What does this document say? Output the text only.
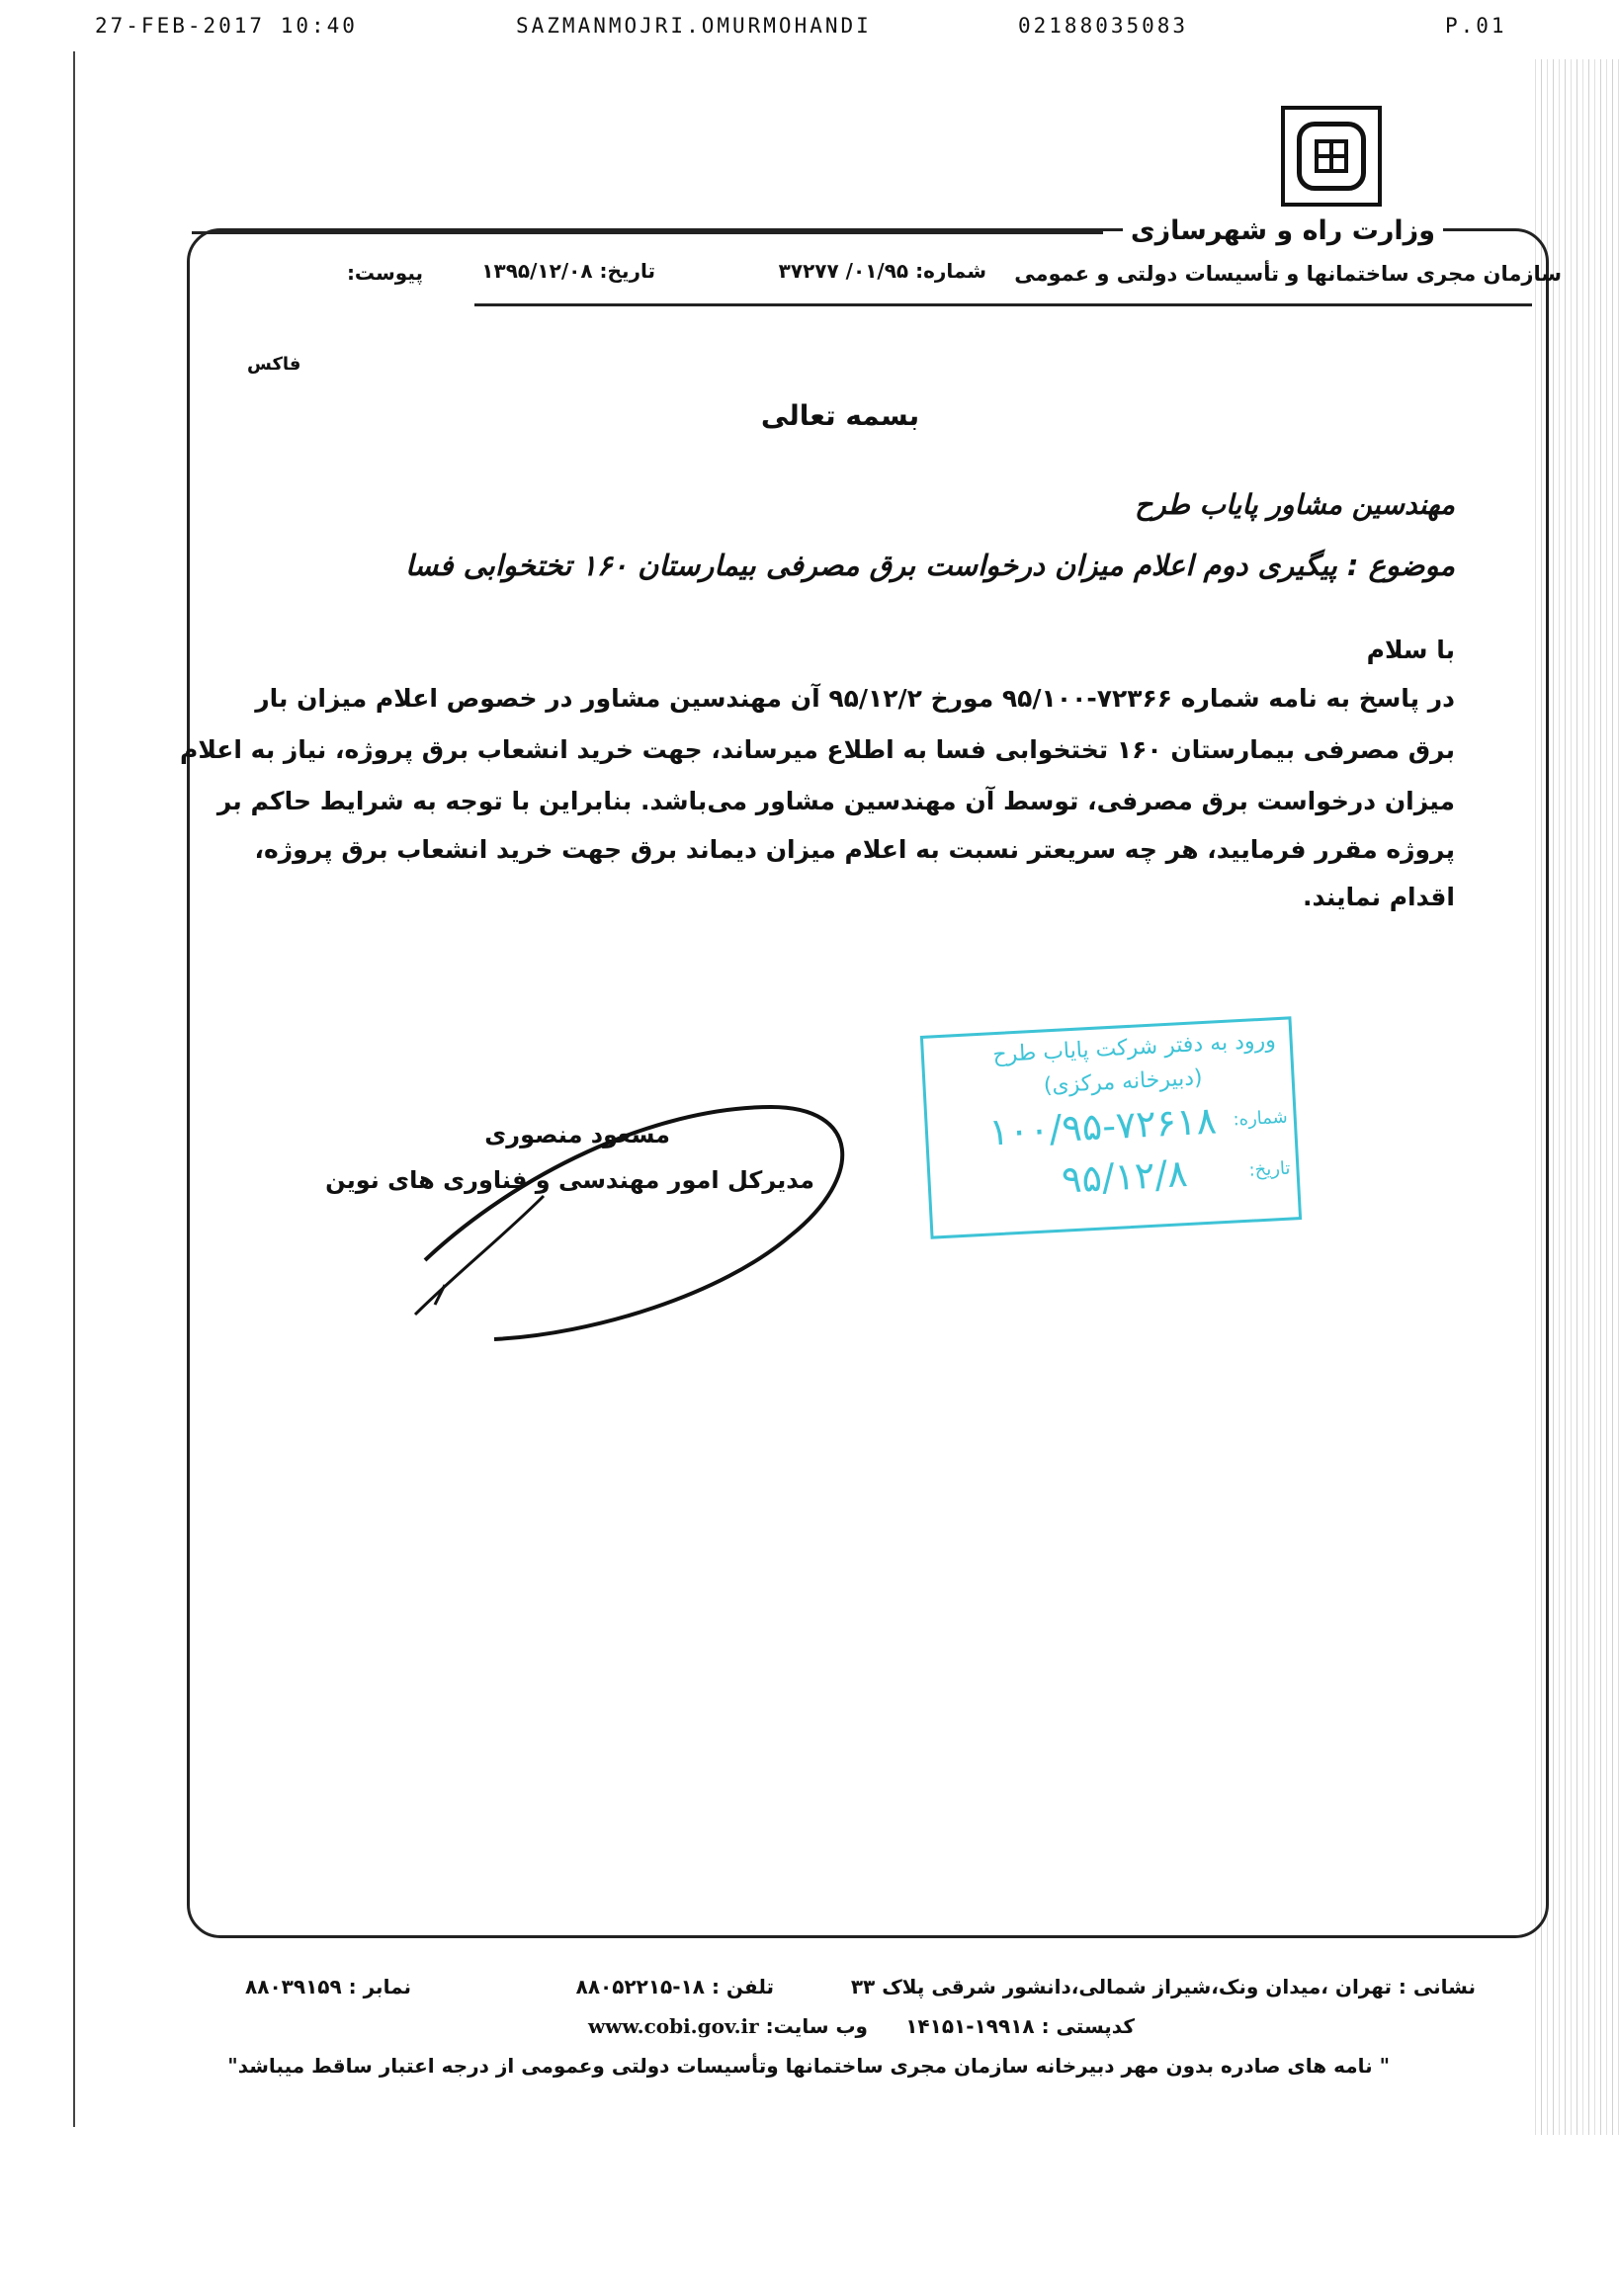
27-FEB-2017 10:40	SAZMANMOJRI.OMURMOHANDI	02188035083	P.01
وزارت راه و شهرسازی
سازمان مجری ساختمانها و تأسیسات دولتی و عمومی
شماره: ۰۱/۹۵/ ۳۷۲۷۷
تاریخ: ۱۳۹۵/۱۲/۰۸
پیوست:
فاکس
بسمه تعالی
مهندسین مشاور پایاب طرح
موضوع : پیگیری دوم اعلام میزان درخواست برق مصرفی بیمارستان ۱۶۰ تختخوابی فسا

با سلام

در پاسخ به نامه شماره ۷۲۳۶۶-۹۵/۱۰۰ مورخ ۹۵/۱۲/۲ آن مهندسین مشاور در خصوص اعلام میزان بار

برق مصرفی بیمارستان ۱۶۰ تختخوابی فسا به اطلاع میرساند، جهت خرید انشعاب برق پروژه، نیاز به اعلام

میزان درخواست برق مصرفی، توسط آن مهندسین مشاور می‌باشد. بنابراین با توجه به شرایط حاکم بر

پروژه مقرر فرمایید، هر چه سریعتر نسبت به اعلام میزان دیماند برق جهت خرید انشعاب برق پروژه،

اقدام نمایند.

مسعود منصوری
مدیرکل امور مهندسی و فناوری های نوین
ورود به دفتر شرکت پایاب طرح
(دبیرخانه مرکزی)
شماره:
۱۰۰/۹۵-۷۲۶۱۸
تاریخ:
۹۵/۱۲/۸
نشانی : تهران ،میدان ونک،شیراز شمالی،دانشور شرقی پلاک ۳۳
تلفن : ۱۸-۸۸۰۵۲۲۱۵
نمابر : ۸۸۰۳۹۱۵۹
کدپستی : ۱۹۹۱۸-۱۴۱۵۱
وب سایت: www.cobi.gov.ir
" نامه های صادره بدون مهر دبیرخانه سازمان مجری ساختمانها وتأسیسات دولتی وعمومی از درجه اعتبار ساقط میباشد"
